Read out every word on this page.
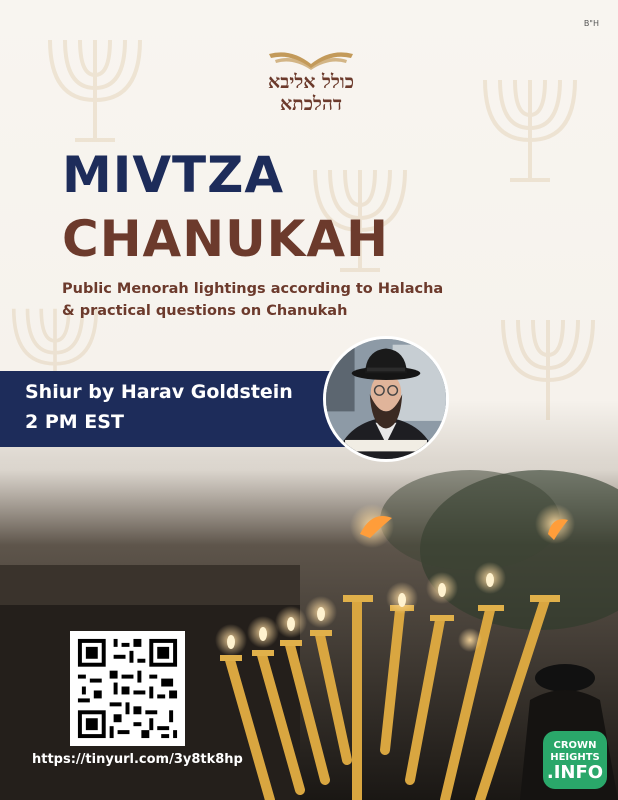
B"H
כולל אליבא
דהלכתא
MIVTZA
CHANUKAH
Public Menorah lightings according to Halacha
& practical questions on Chanukah
Shiur by Harav Goldstein
2 PM EST
https://tinyurl.com/3y8tk8hp
CROWN
HEIGHTS
.INFO
